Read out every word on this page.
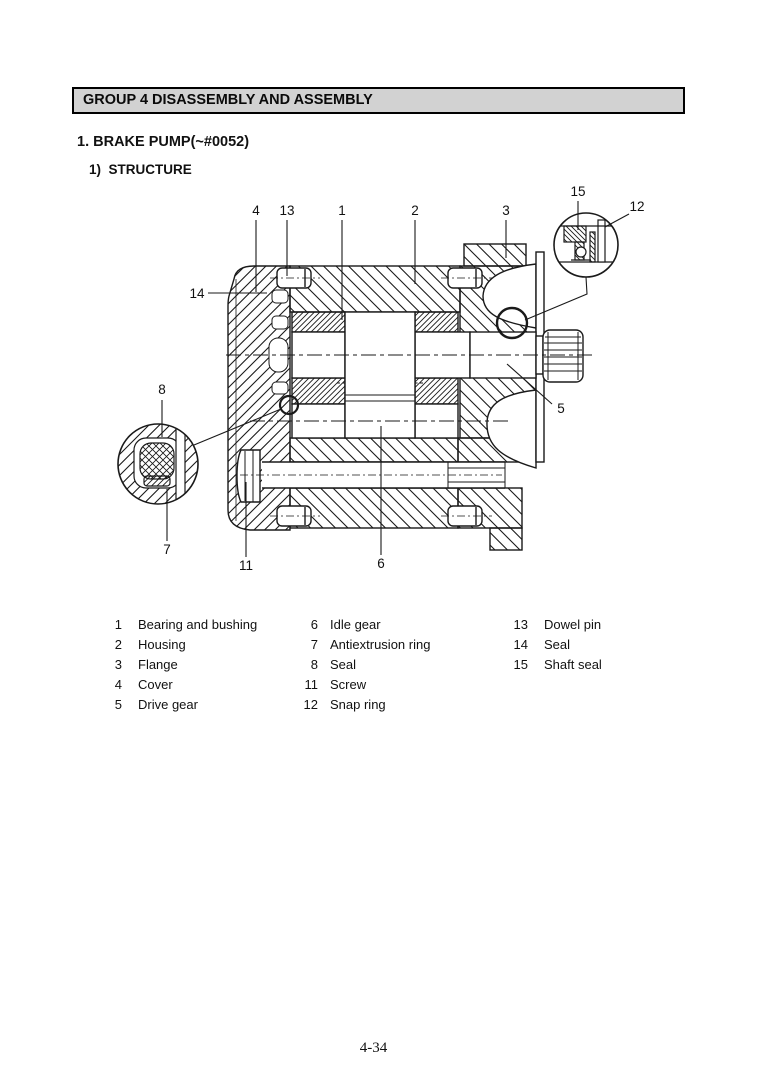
GROUP 4 DISASSEMBLY AND ASSEMBLY
1. BRAKE PUMP(~#0052)
1)  STRUCTURE
4 13	1	2	3
15
12
14
8
5
7
11	6
1 Bearing and bushing
2 Housing
3 Flange
4 Cover
5 Drive gear
6 Idle gear
7 Antiextrusion ring
8 Seal
11 Screw
12 Snap ring
13 Dowel pin
14 Seal
15 Shaft seal
4-34
